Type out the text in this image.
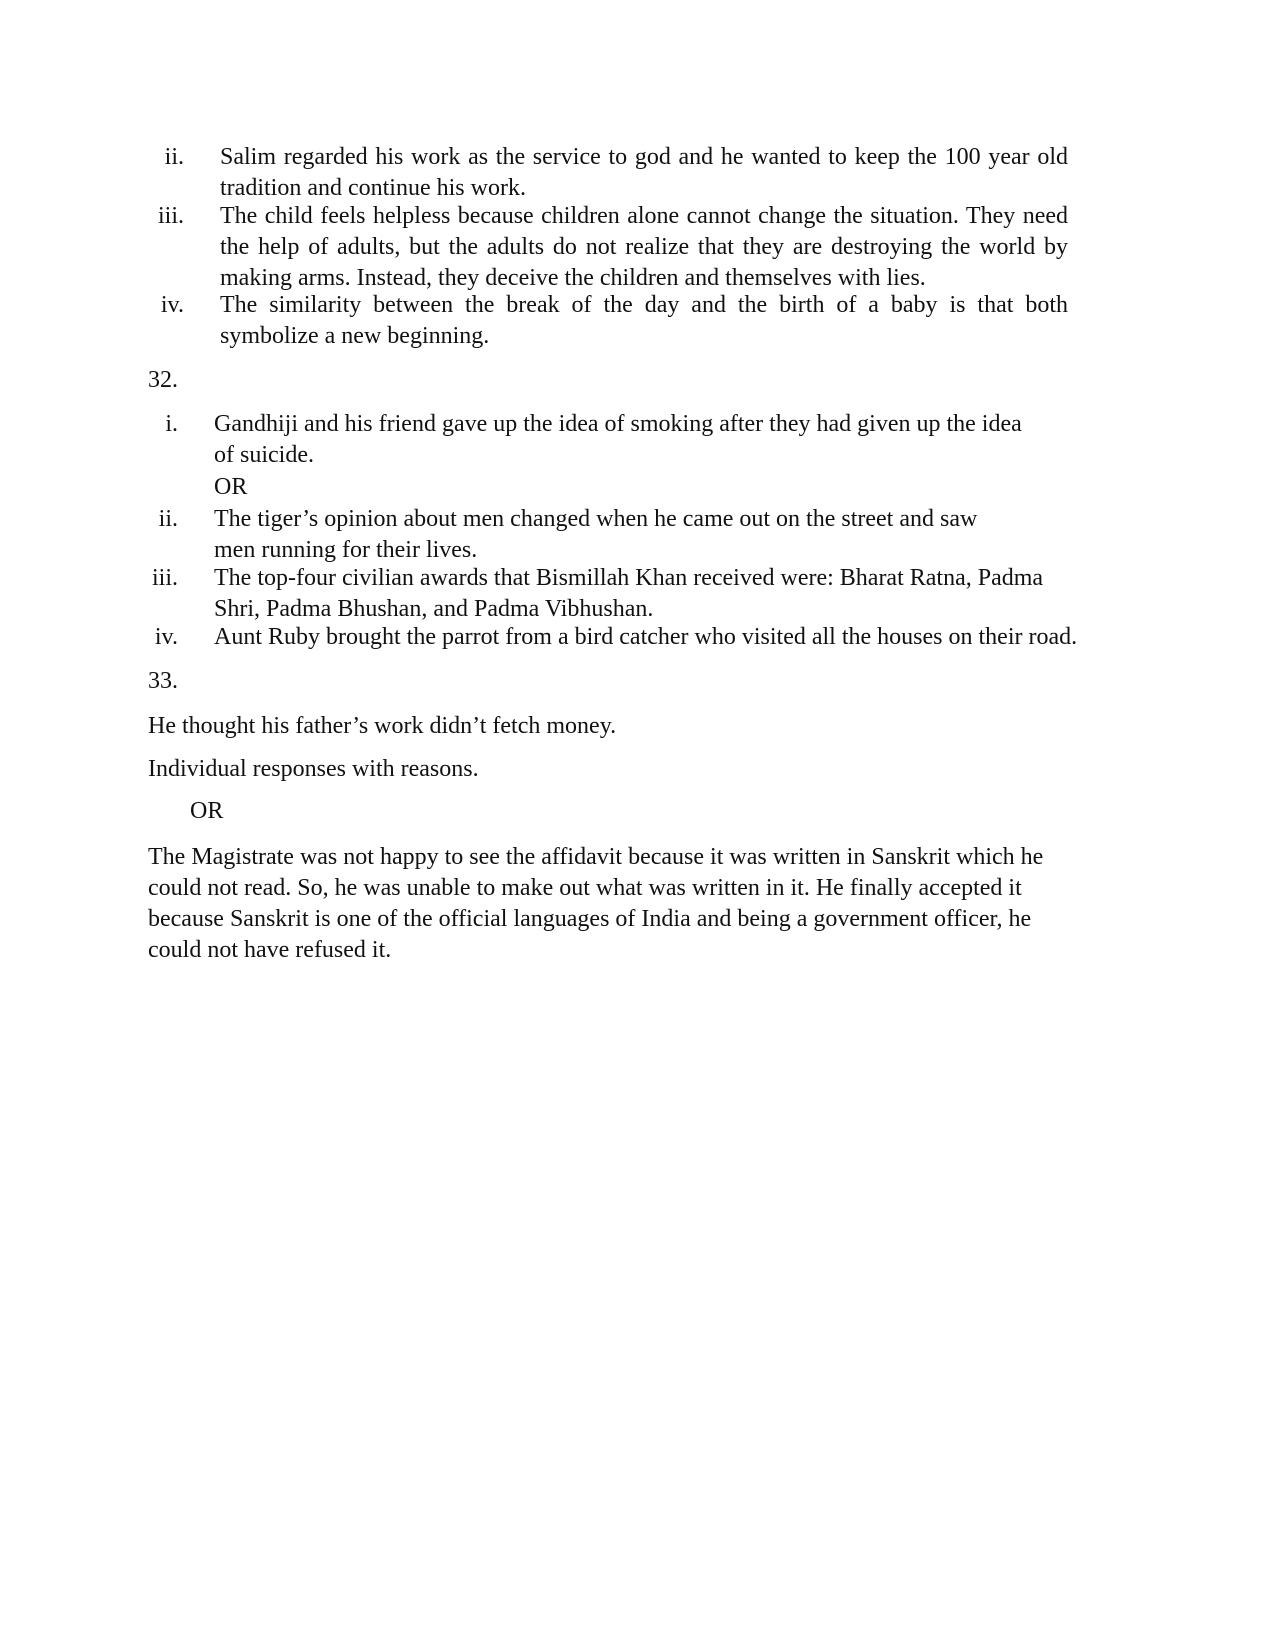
ii. Salim regarded his work as the service to god and he wanted to keep the 100 year old tradition and continue his work.

iii. The child feels helpless because children alone cannot change the situation. They need the help of adults, but the adults do not realize that they are destroying the world by making arms. Instead, they deceive the children and themselves with lies.

iv. The similarity between the break of the day and the birth of a baby is that both symbolize a new beginning.

32.
i. Gandhiji and his friend gave up the idea of smoking after they had given up the idea of suicide.

OR
ii. The tiger’s opinion about men changed when he came out on the street and saw men running for their lives.

iii. The top-four civilian awards that Bismillah Khan received were: Bharat Ratna, Padma Shri, Padma Bhushan, and Padma Vibhushan.

iv. Aunt Ruby brought the parrot from a bird catcher who visited all the houses on their road.

33.

He thought his father’s work didn’t fetch money.

Individual responses with reasons.

OR

The Magistrate was not happy to see the affidavit because it was written in Sanskrit which he could not read. So, he was unable to make out what was written in it. He finally accepted it because Sanskrit is one of the official languages of India and being a government officer, he could not have refused it.
